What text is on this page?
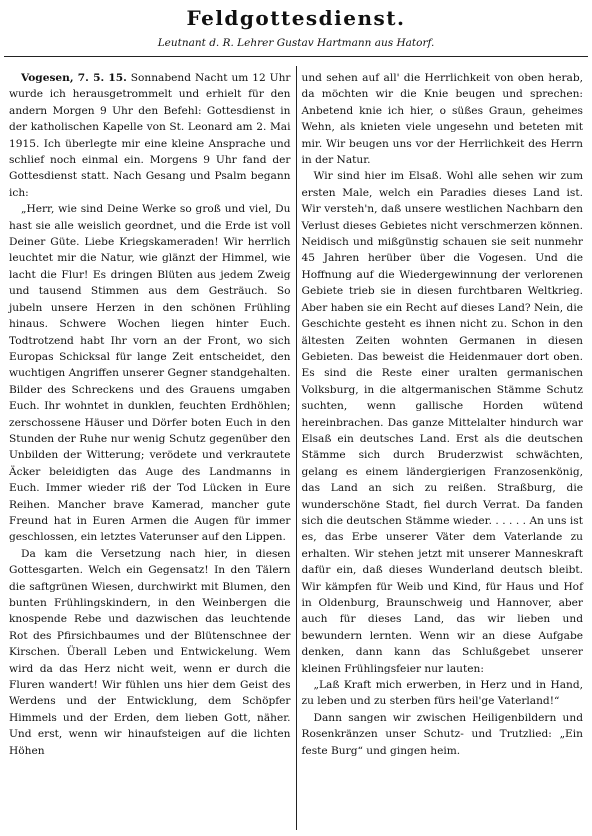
Feldgottesdienst.
Leutnant d. R. Lehrer Gustav Hartmann aus Hatorf.

Vogesen, 7. 5. 15. Sonnabend Nacht um 12 Uhr wurde ich herausgetrommelt und erhielt für den andern Morgen 9 Uhr den Befehl: Gottesdienst in der katholischen Kapelle von St. Leonard am 2. Mai 1915. Ich überlegte mir eine kleine Ansprache und schlief noch einmal ein. Morgens 9 Uhr fand der Gottesdienst statt. Nach Gesang und Psalm begann ich:

„Herr, wie sind Deine Werke so groß und viel, Du hast sie alle weislich geordnet, und die Erde ist voll Deiner Güte. Liebe Kriegskameraden! Wir herrlich leuchtet mir die Natur, wie glänzt der Himmel, wie lacht die Flur! Es dringen Blüten aus jedem Zweig und tausend Stimmen aus dem Gesträuch. So jubeln unsere Herzen in den schönen Frühling hinaus. Schwere Wochen liegen hinter Euch. Todtrotzend habt Ihr vorn an der Front, wo sich Europas Schicksal für lange Zeit entscheidet, den wuchtigen Angriffen unserer Gegner standgehalten. Bilder des Schreckens und des Grauens umgaben Euch. Ihr wohntet in dunklen, feuchten Erdhöhlen; zerschossene Häuser und Dörfer boten Euch in den Stunden der Ruhe nur wenig Schutz gegenüber den Unbilden der Witterung; verödete und verkrautete Äcker beleidigten das Auge des Landmanns in Euch. Immer wieder riß der Tod Lücken in Eure Reihen. Mancher brave Kamerad, mancher gute Freund hat in Euren Armen die Augen für immer geschlossen, ein letztes Vaterunser auf den Lippen.

Da kam die Versetzung nach hier, in diesen Gottesgarten. Welch ein Gegensatz! In den Tälern die saftgrünen Wiesen, durchwirkt mit Blumen, den bunten Frühlingskindern, in den Weinbergen die knospende Rebe und dazwischen das leuchtende Rot des Pfirsichbaumes und der Blütenschnee der Kirschen. Überall Leben und Entwickelung. Wem wird da das Herz nicht weit, wenn er durch die Fluren wandert! Wir fühlen uns hier dem Geist des Werdens und der Entwicklung, dem Schöpfer Himmels und der Erden, dem lieben Gott, näher. Und erst, wenn wir hinaufsteigen auf die lichten Höhen

und sehen auf all' die Herrlichkeit von oben herab, da möchten wir die Knie beugen und sprechen: Anbetend knie ich hier, o süßes Graun, geheimes Wehn, als knieten viele ungesehn und beteten mit mir. Wir beugen uns vor der Herrlichkeit des Herrn in der Natur.

Wir sind hier im Elsaß. Wohl alle sehen wir zum ersten Male, welch ein Paradies dieses Land ist. Wir versteh'n, daß unsere westlichen Nachbarn den Verlust dieses Gebietes nicht verschmerzen können. Neidisch und mißgünstig schauen sie seit nunmehr 45 Jahren herüber über die Vogesen. Und die Hoffnung auf die Wiedergewinnung der verlorenen Gebiete trieb sie in diesen furchtbaren Weltkrieg. Aber haben sie ein Recht auf dieses Land? Nein, die Geschichte gesteht es ihnen nicht zu. Schon in den ältesten Zeiten wohnten Germanen in diesen Gebieten. Das beweist die Heidenmauer dort oben. Es sind die Reste einer uralten germanischen Volksburg, in die altgermanischen Stämme Schutz suchten, wenn gallische Horden wütend hereinbrachen. Das ganze Mittelalter hindurch war Elsaß ein deutsches Land. Erst als die deutschen Stämme sich durch Bruderzwist schwächten, gelang es einem ländergierigen Franzosenkönig, das Land an sich zu reißen. Straßburg, die wunderschöne Stadt, fiel durch Verrat. Da fanden sich die deutschen Stämme wieder. . . . . . An uns ist es, das Erbe unserer Väter dem Vaterlande zu erhalten. Wir stehen jetzt mit unserer Manneskraft dafür ein, daß dieses Wunderland deutsch bleibt. Wir kämpfen für Weib und Kind, für Haus und Hof in Oldenburg, Braunschweig und Hannover, aber auch für dieses Land, das wir lieben und bewundern lernten. Wenn wir an diese Aufgabe denken, dann kann das Schlußgebet unserer kleinen Frühlingsfeier nur lauten:

„Laß Kraft mich erwerben, in Herz und in Hand, zu leben und zu sterben fürs heil'ge Vaterland!“

Dann sangen wir zwischen Heiligenbildern und Rosenkränzen unser Schutz- und Trutzlied: „Ein feste Burg“ und gingen heim.
